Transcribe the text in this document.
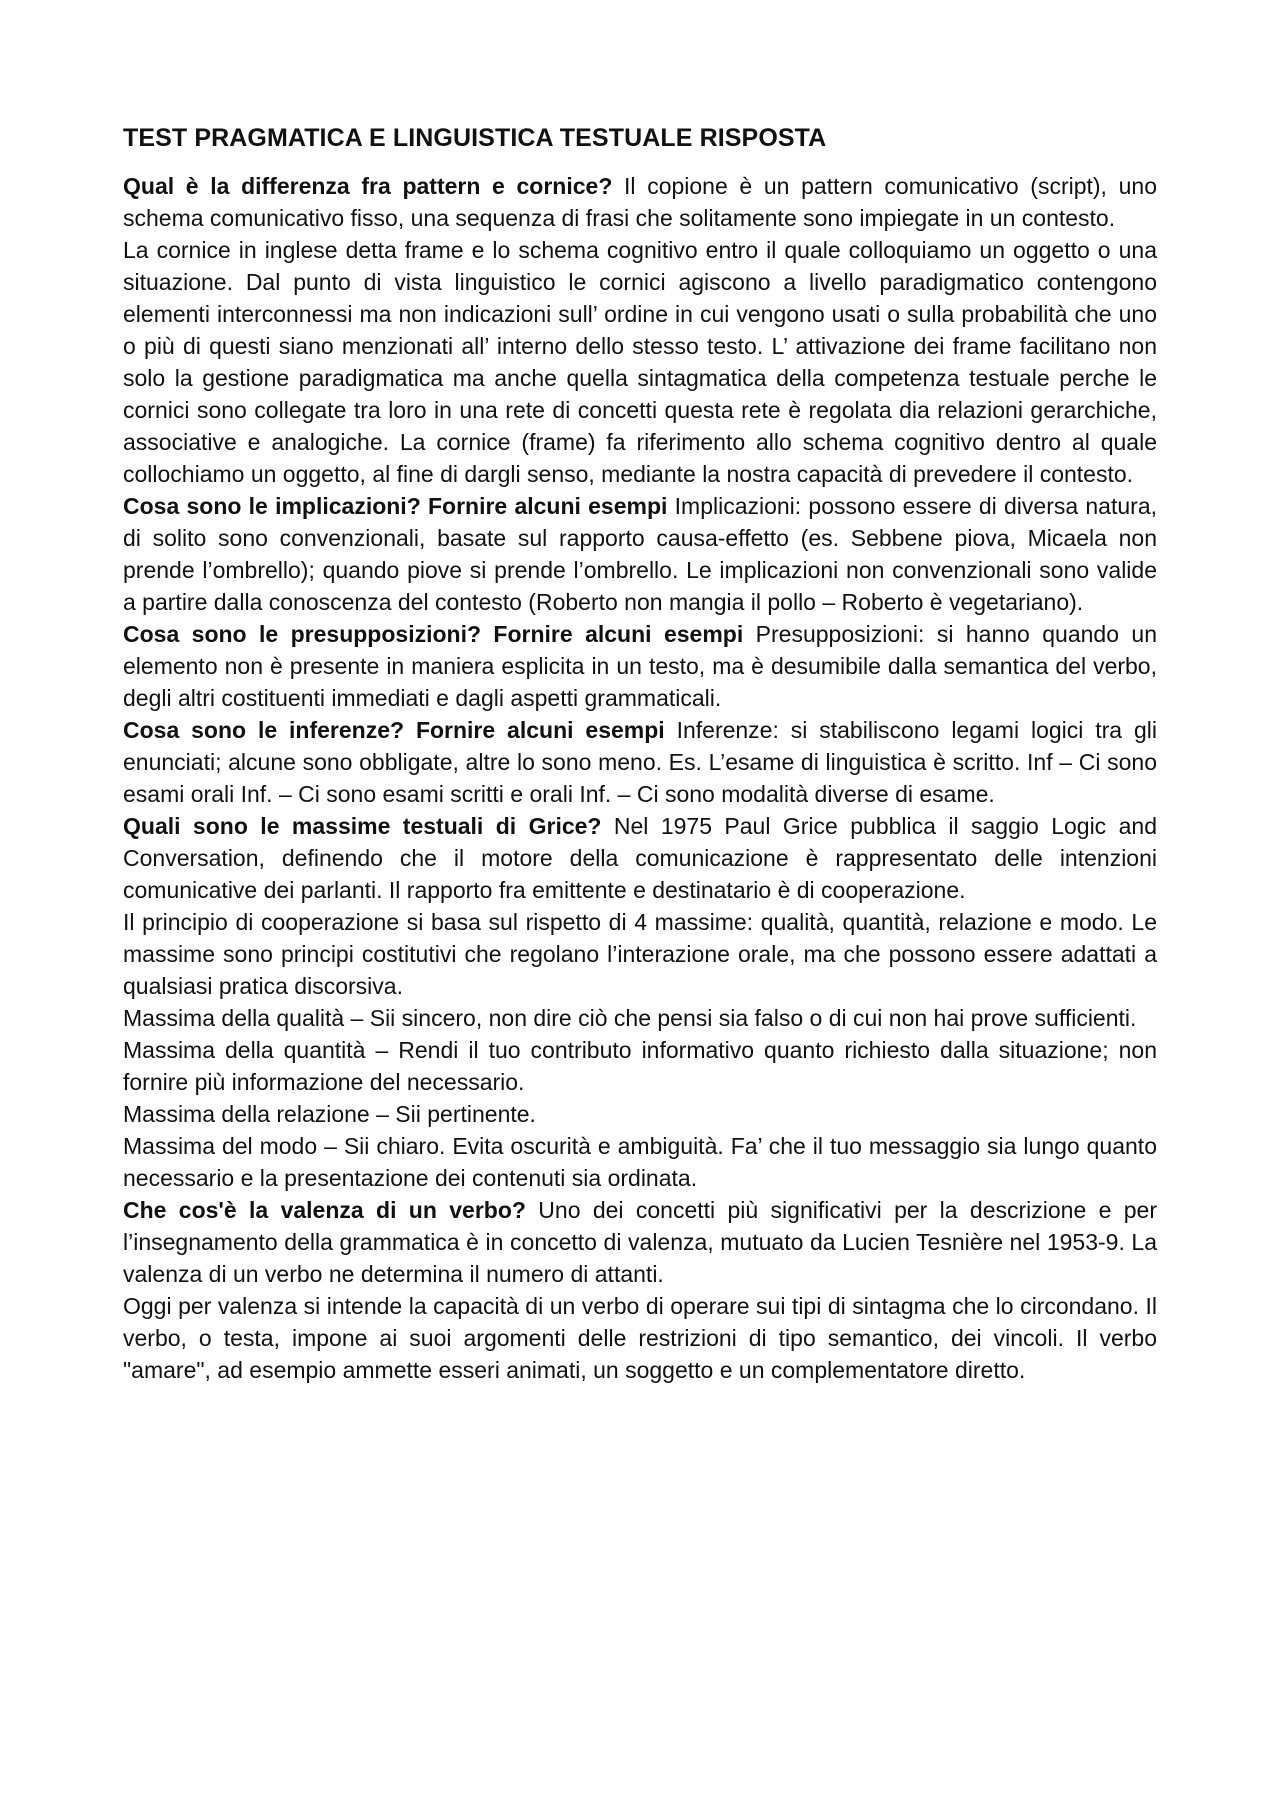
TEST PRAGMATICA E LINGUISTICA TESTUALE RISPOSTA

Qual è la differenza fra pattern e cornice? Il copione è un pattern comunicativo (script), uno schema comunicativo fisso, una sequenza di frasi che solitamente sono impiegate in un contesto.

La cornice in inglese detta frame e lo schema cognitivo entro il quale colloquiamo un oggetto o una situazione. Dal punto di vista linguistico le cornici agiscono a livello paradigmatico contengono elementi interconnessi ma non indicazioni sull’ ordine in cui vengono usati o sulla probabilità che uno o più di questi siano menzionati all’ interno dello stesso testo. L’ attivazione dei frame facilitano non solo la gestione paradigmatica ma anche quella sintagmatica della competenza testuale perche le cornici sono collegate tra loro in una rete di concetti questa rete è regolata dia relazioni gerarchiche, associative e analogiche. La cornice (frame) fa riferimento allo schema cognitivo dentro al quale collochiamo un oggetto, al fine di dargli senso, mediante la nostra capacità di prevedere il contesto.

Cosa sono le implicazioni? Fornire alcuni esempi Implicazioni: possono essere di diversa natura, di solito sono convenzionali, basate sul rapporto causa-effetto (es. Sebbene piova, Micaela non prende l’ombrello); quando piove si prende l’ombrello. Le implicazioni non convenzionali sono valide a partire dalla conoscenza del contesto (Roberto non mangia il pollo – Roberto è vegetariano).

Cosa sono le presupposizioni? Fornire alcuni esempi Presupposizioni: si hanno quando un elemento non è presente in maniera esplicita in un testo, ma è desumibile dalla semantica del verbo, degli altri costituenti immediati e dagli aspetti grammaticali.

Cosa sono le inferenze? Fornire alcuni esempi Inferenze: si stabiliscono legami logici tra gli enunciati; alcune sono obbligate, altre lo sono meno. Es. L’esame di linguistica è scritto. Inf – Ci sono esami orali Inf. – Ci sono esami scritti e orali Inf. – Ci sono modalità diverse di esame.

Quali sono le massime testuali di Grice? Nel 1975 Paul Grice pubblica il saggio Logic and Conversation, definendo che il motore della comunicazione è rappresentato delle intenzioni comunicative dei parlanti. Il rapporto fra emittente e destinatario è di cooperazione.

Il principio di cooperazione si basa sul rispetto di 4 massime: qualità, quantità, relazione e modo. Le massime sono principi costitutivi che regolano l’interazione orale, ma che possono essere adattati a qualsiasi pratica discorsiva.

Massima della qualità – Sii sincero, non dire ciò che pensi sia falso o di cui non hai prove sufficienti.

Massima della quantità – Rendi il tuo contributo informativo quanto richiesto dalla situazione; non fornire più informazione del necessario.

Massima della relazione – Sii pertinente.

Massima del modo – Sii chiaro. Evita oscurità e ambiguità. Fa’ che il tuo messaggio sia lungo quanto necessario e la presentazione dei contenuti sia ordinata.

Che cos'è la valenza di un verbo? Uno dei concetti più significativi per la descrizione e per l’insegnamento della grammatica è in concetto di valenza, mutuato da Lucien Tesnière nel 1953-9. La valenza di un verbo ne determina il numero di attanti.

Oggi per valenza si intende la capacità di un verbo di operare sui tipi di sintagma che lo circondano. Il verbo, o testa, impone ai suoi argomenti delle restrizioni di tipo semantico, dei vincoli. Il verbo "amare", ad esempio ammette esseri animati, un soggetto e un complementatore diretto.
